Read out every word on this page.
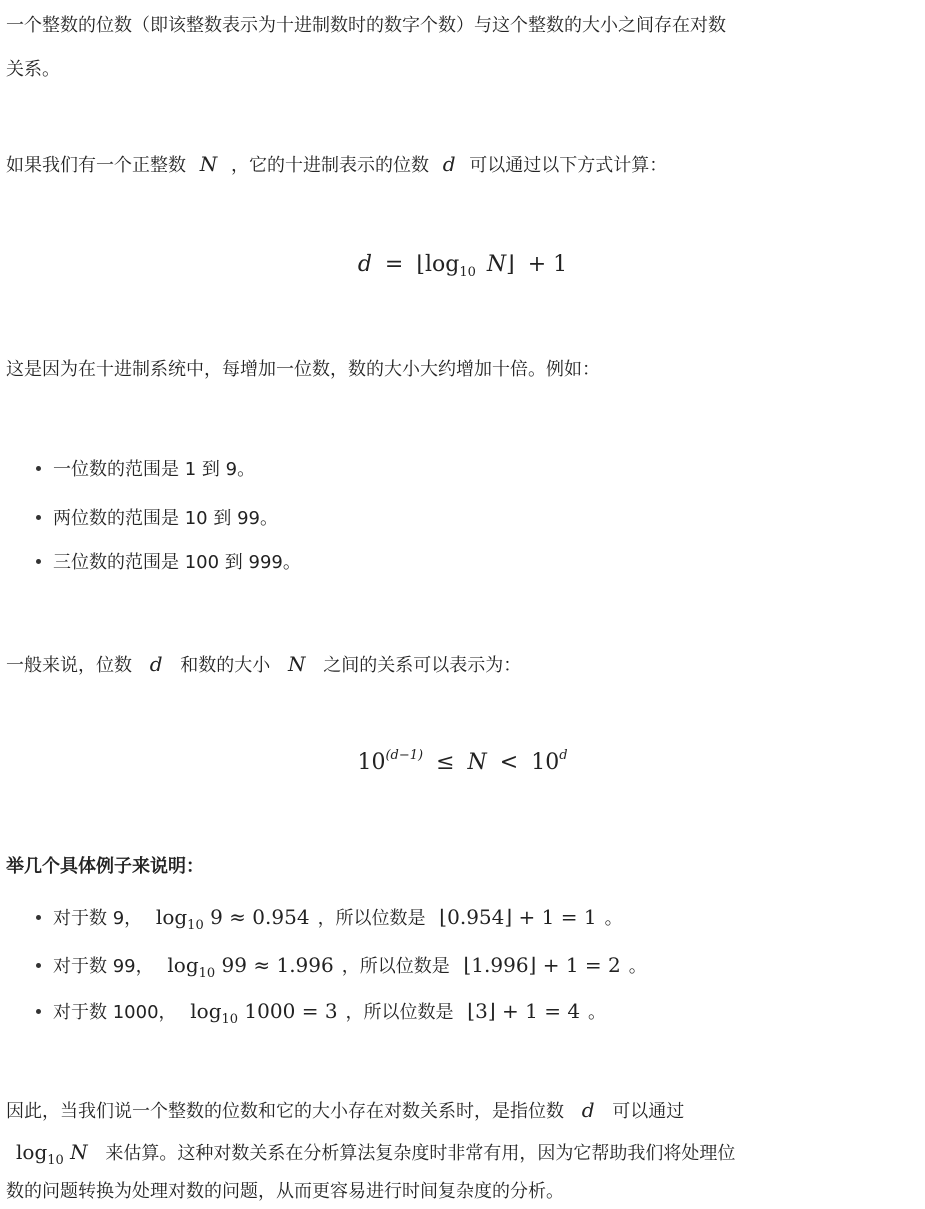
一个整数的位数（即该整数表示为十进制数时的数字个数）与这个整数的大小之间存在对数
关系。
如果我们有一个正整数 N ，它的十进制表示的位数 d 可以通过以下方式计算：
$d = ⌊\log_{10}$ N⌋ + 1
这是因为在十进制系统中，每增加一位数，数的大小大约增加十倍。例如：
一位数的范围是 1 到 9。
两位数的范围是 10 到 99。
三位数的范围是 100 到 999。
一般来说，位数 d 和数的大小 N 之间的关系可以表示为：
$10^{(d-1)} \le N < 10^d$
举几个具体例子来说明：
对于数 9， $\log_{10} 9 \approx 0.954$ ，所以位数是 ⌊0.954⌋ + 1 = 1 。
对于数 99， $\log_{10} 99 \approx 1.996$ ，所以位数是 ⌊1.996⌋ + 1 = 2 。
对于数 1000， $\log_{10} 1000 = 3$ ，所以位数是 ⌊3⌋ + 1 = 4 。
因此，当我们说一个整数的位数和它的大小存在对数关系时，是指位数 d 可以通过
$\log_{10} N$ 来估算。这种对数关系在分析算法复杂度时非常有用，因为它帮助我们将处理位
数的问题转换为处理对数的问题，从而更容易进行时间复杂度的分析。
